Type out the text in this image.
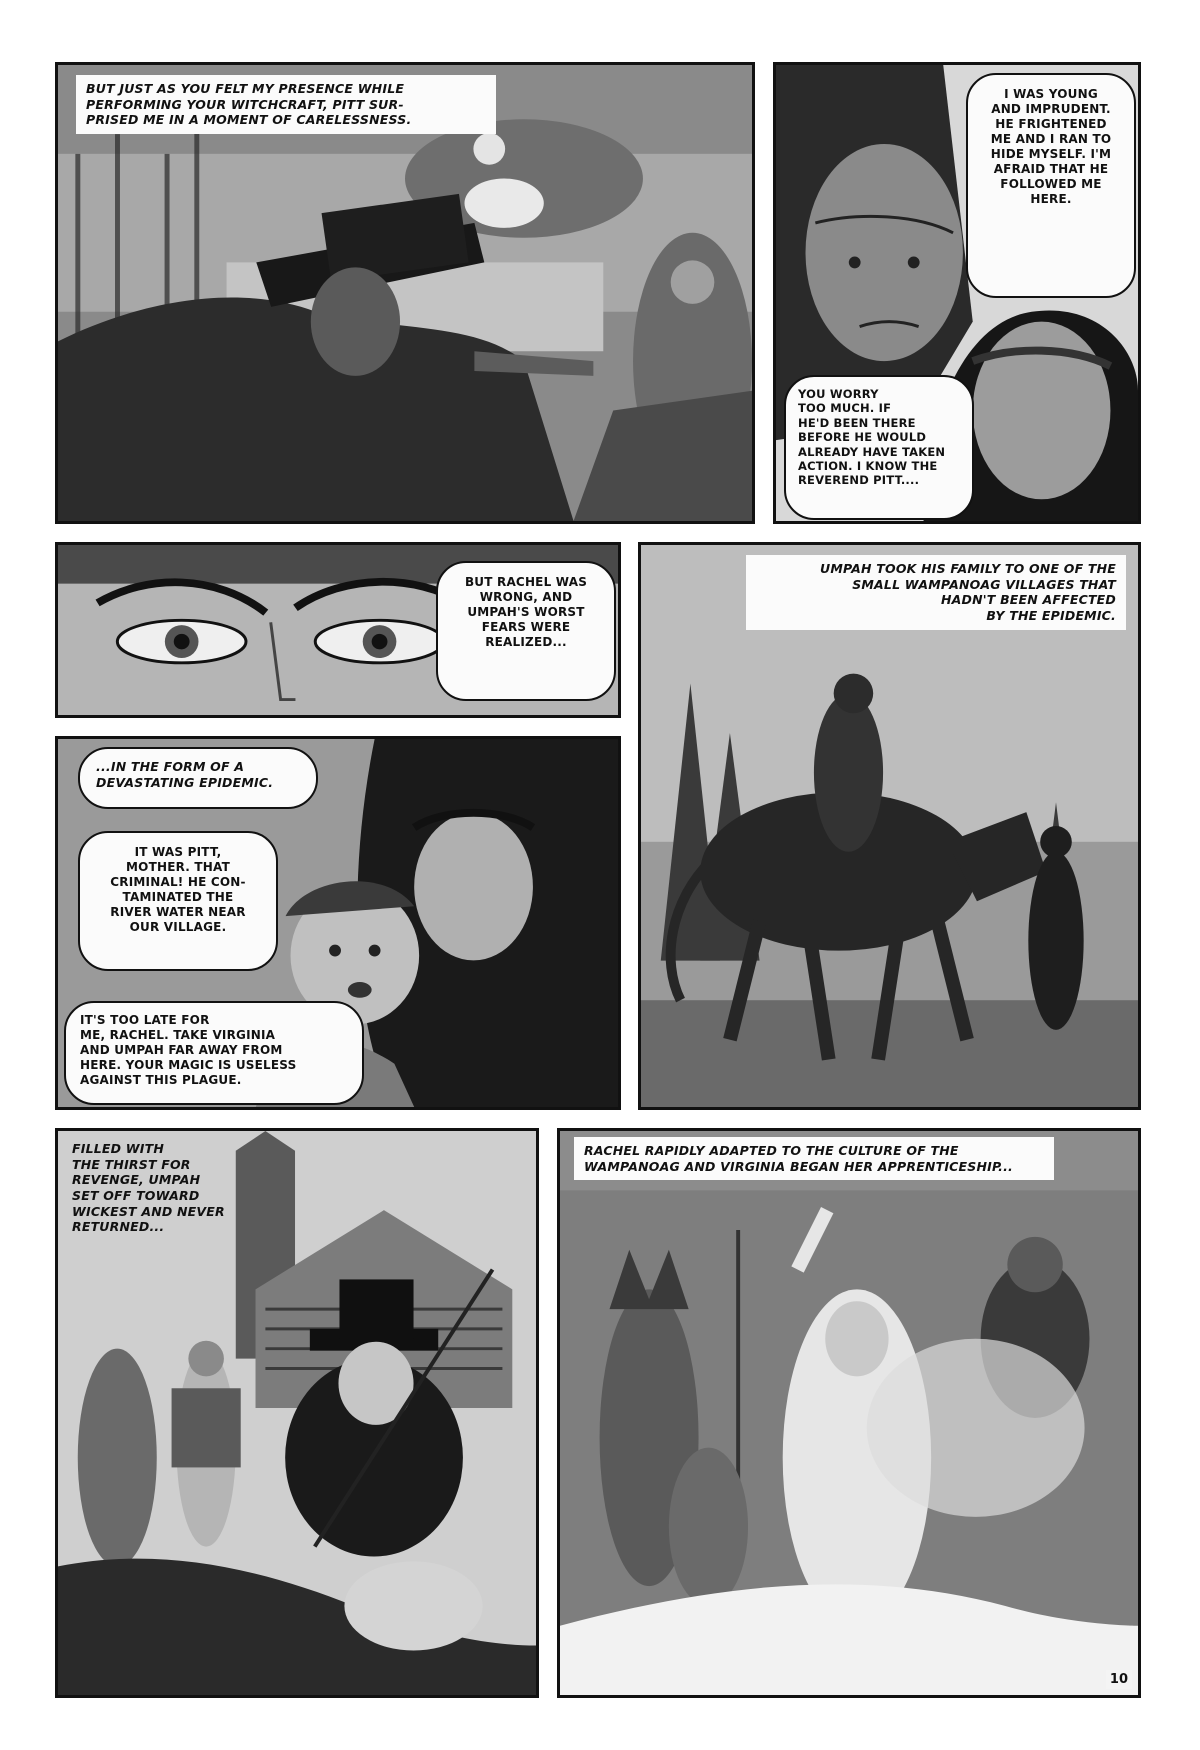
BUT JUST AS YOU FELT MY PRESENCE WHILE
PERFORMING YOUR WITCHCRAFT, PITT SUR-
PRISED ME IN A MOMENT OF CARELESSNESS.
I WAS YOUNG
AND IMPRUDENT.
HE FRIGHTENED
ME AND I RAN TO
HIDE MYSELF. I'M
AFRAID THAT HE
FOLLOWED ME
HERE.
YOU WORRY
TOO MUCH. IF
HE'D BEEN THERE
BEFORE HE WOULD
ALREADY HAVE TAKEN
ACTION. I KNOW THE
REVEREND PITT....
BUT RACHEL WAS
WRONG, AND
UMPAH'S WORST
FEARS WERE
REALIZED...
UMPAH TOOK HIS FAMILY TO ONE OF THE
SMALL WAMPANOAG VILLAGES THAT
HADN'T BEEN AFFECTED
BY THE EPIDEMIC.
...IN THE FORM OF A
DEVASTATING EPIDEMIC.
IT WAS PITT,
MOTHER. THAT
CRIMINAL! HE CON-
TAMINATED THE
RIVER WATER NEAR
OUR VILLAGE.
IT'S TOO LATE FOR
ME, RACHEL. TAKE VIRGINIA
AND UMPAH FAR AWAY FROM
HERE. YOUR MAGIC IS USELESS
AGAINST THIS PLAGUE.
FILLED WITH
THE THIRST FOR
REVENGE, UMPAH
SET OFF TOWARD
WICKEST AND NEVER
RETURNED...
RACHEL RAPIDLY ADAPTED TO THE CULTURE OF THE
WAMPANOAG AND VIRGINIA BEGAN HER APPRENTICESHIP...
10
